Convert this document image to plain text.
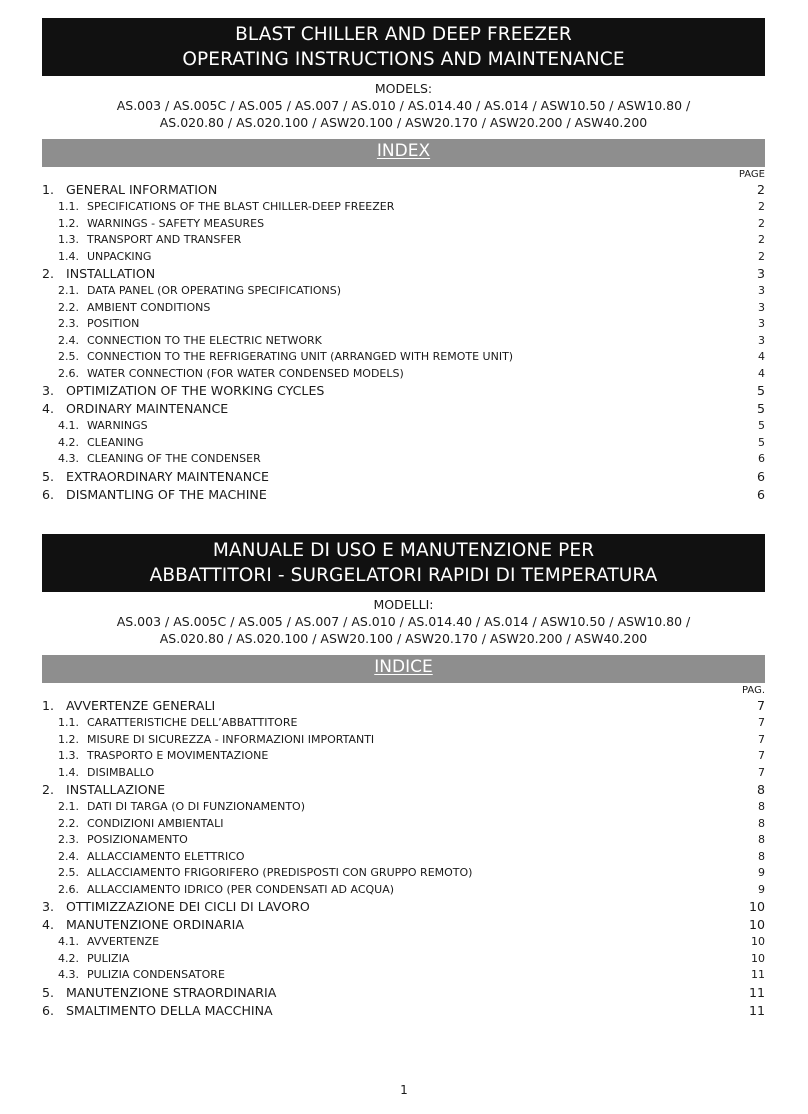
BLAST CHILLER AND DEEP FREEZER
OPERATING INSTRUCTIONS AND MAINTENANCE
MODELS:
AS.003 / AS.005C / AS.005 / AS.007 / AS.010 / AS.014.40 / AS.014 / ASW10.50 / ASW10.80 /
AS.020.80 / AS.020.100 / ASW20.100 / ASW20.170 / ASW20.200 / ASW40.200
INDEX
PAGE
1. GENERAL INFORMATION	2
1.1. SPECIFICATIONS OF THE BLAST CHILLER-DEEP FREEZER	2
1.2. WARNINGS - SAFETY MEASURES	2
1.3. TRANSPORT AND TRANSFER	2
1.4. UNPACKING	2
2. INSTALLATION	3
2.1. DATA PANEL (OR OPERATING SPECIFICATIONS)	3
2.2. AMBIENT CONDITIONS	3
2.3. POSITION	3
2.4. CONNECTION TO THE ELECTRIC NETWORK	3
2.5. CONNECTION TO THE REFRIGERATING UNIT (ARRANGED WITH REMOTE UNIT)	4
2.6. WATER CONNECTION (FOR WATER CONDENSED MODELS)	4
3. OPTIMIZATION OF THE WORKING CYCLES	5
4. ORDINARY MAINTENANCE	5
4.1. WARNINGS	5
4.2. CLEANING	5
4.3. CLEANING OF THE CONDENSER	6
5. EXTRAORDINARY MAINTENANCE	6
6. DISMANTLING OF THE MACHINE	6
MANUALE DI USO E MANUTENZIONE PER
ABBATTITORI - SURGELATORI RAPIDI DI TEMPERATURA
MODELLI:
AS.003 / AS.005C / AS.005 / AS.007 / AS.010 / AS.014.40 / AS.014 / ASW10.50 / ASW10.80 /
AS.020.80 / AS.020.100 / ASW20.100 / ASW20.170 / ASW20.200 / ASW40.200
INDICE
PAG.
1. AVVERTENZE GENERALI	7
1.1. CARATTERISTICHE DELL’ABBATTITORE	7
1.2. MISURE DI SICUREZZA - INFORMAZIONI IMPORTANTI	7
1.3. TRASPORTO E MOVIMENTAZIONE	7
1.4. DISIMBALLO	7
2. INSTALLAZIONE	8
2.1. DATI DI TARGA (O DI FUNZIONAMENTO)	8
2.2. CONDIZIONI AMBIENTALI	8
2.3. POSIZIONAMENTO	8
2.4. ALLACCIAMENTO ELETTRICO	8
2.5. ALLACCIAMENTO FRIGORIFERO (PREDISPOSTI CON GRUPPO REMOTO)	9
2.6. ALLACCIAMENTO IDRICO (PER CONDENSATI AD ACQUA)	9
3. OTTIMIZZAZIONE DEI CICLI DI LAVORO	10
4. MANUTENZIONE ORDINARIA	10
4.1. AVVERTENZE	10
4.2. PULIZIA	10
4.3. PULIZIA CONDENSATORE	11
5. MANUTENZIONE STRAORDINARIA	11
6. SMALTIMENTO DELLA MACCHINA	11
1
